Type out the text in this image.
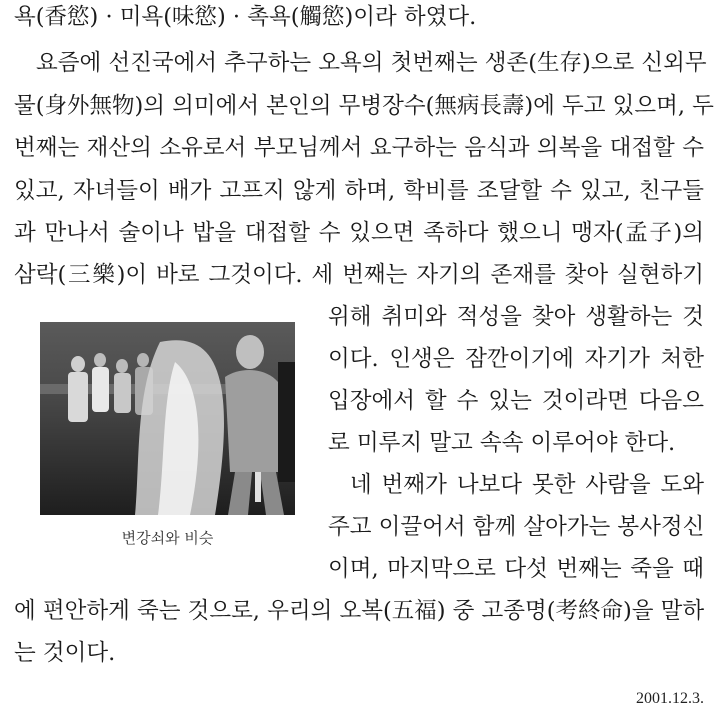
욕(香慾) · 미욕(味慾) · 촉욕(觸慾)이라 하였다.
요즘에 선진국에서 추구하는 오욕의 첫번째는 생존(生存)으로 신외무
물(身外無物)의 의미에서 본인의 무병장수(無病長壽)에 두고 있으며, 두
번째는 재산의 소유로서 부모님께서 요구하는 음식과 의복을 대접할 수
있고, 자녀들이 배가 고프지 않게 하며, 학비를 조달할 수 있고, 친구들
과 만나서 술이나 밥을 대접할 수 있으면 족하다 했으니 맹자(孟子)의
삼락(三樂)이 바로 그것이다. 세 번째는 자기의 존재를 찾아 실현하기
위해 취미와 적성을 찾아 생활하는 것
이다. 인생은 잠깐이기에 자기가 처한
입장에서 할 수 있는 것이라면 다음으
로 미루지 말고 속속 이루어야 한다.
네 번째가 나보다 못한 사람을 도와
주고 이끌어서 함께 살아가는 봉사정신
이며, 마지막으로 다섯 번째는 죽을 때
에 편안하게 죽는 것으로, 우리의 오복(五福) 중 고종명(考終命)을 말하
는 것이다.
변강쇠와 비슷
2001.12.3.
